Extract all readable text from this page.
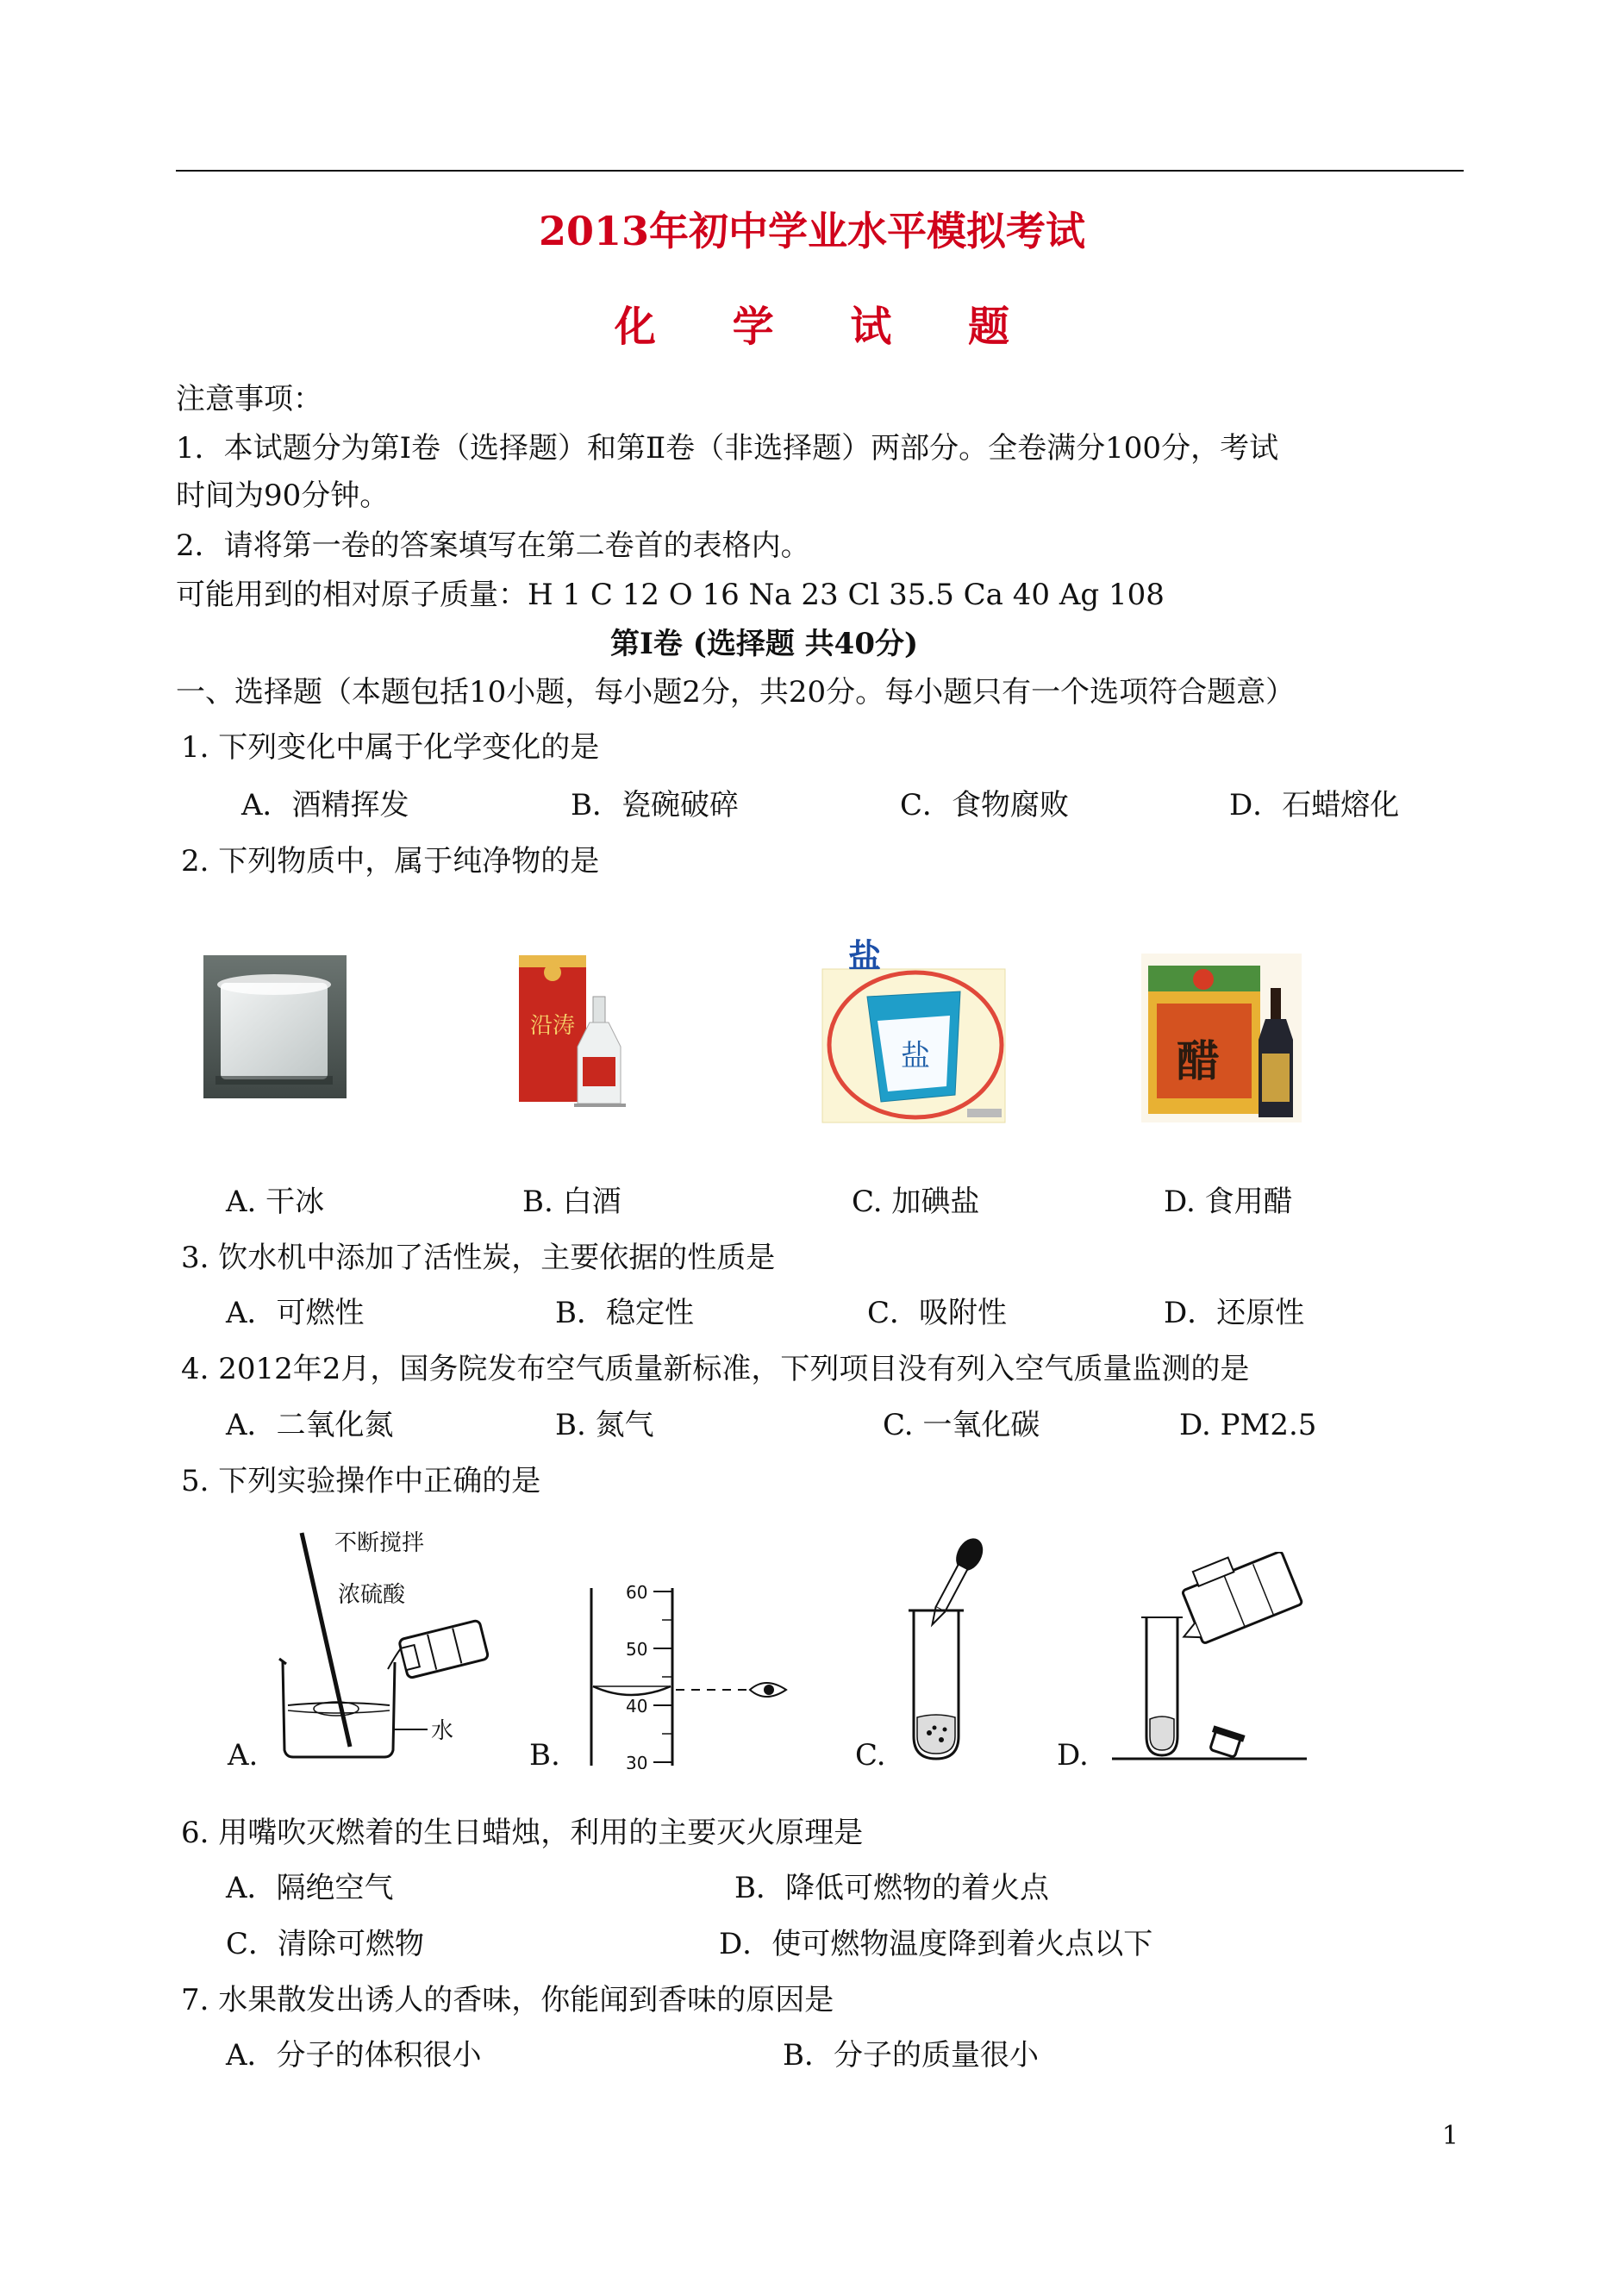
2013年初中学业水平模拟考试
化 学 试 题
注意事项：
1．本试题分为第Ⅰ卷（选择题）和第Ⅱ卷（非选择题）两部分。全卷满分100分，考试
时间为90分钟。
2．请将第一卷的答案填写在第二卷首的表格内。
可能用到的相对原子质量：H 1 C 12 O 16 Na 23 Cl 35.5 Ca 40 Ag 108
第Ⅰ卷 (选择题 共40分)
一、选择题（本题包括10小题，每小题2分，共20分。每小题只有一个选项符合题意）
1. 下列变化中属于化学变化的是
A．酒精挥发	B．瓷碗破碎	C．食物腐败	D．石蜡熔化
2. 下列物质中，属于纯净物的是
沿涛
盐
盐	醋
A. 干冰	B. 白酒	C. 加碘盐	D. 食用醋
3. 饮水机中添加了活性炭，主要依据的性质是
A．可燃性	B．稳定性	C．吸附性	D．还原性
4. 2012年2月，国务院发布空气质量新标准，下列项目没有列入空气质量监测的是
A．二氧化氮	B. 氮气	C. 一氧化碳	D. PM2.5
5. 下列实验操作中正确的是
不断搅拌
浓硫酸
水
A.
60
50
40
30
B.	C.	D.
6. 用嘴吹灭燃着的生日蜡烛，利用的主要灭火原理是
A．隔绝空气	B．降低可燃物的着火点
C．清除可燃物	D．使可燃物温度降到着火点以下
7. 水果散发出诱人的香味，你能闻到香味的原因是
A．分子的体积很小	B．分子的质量很小
1
